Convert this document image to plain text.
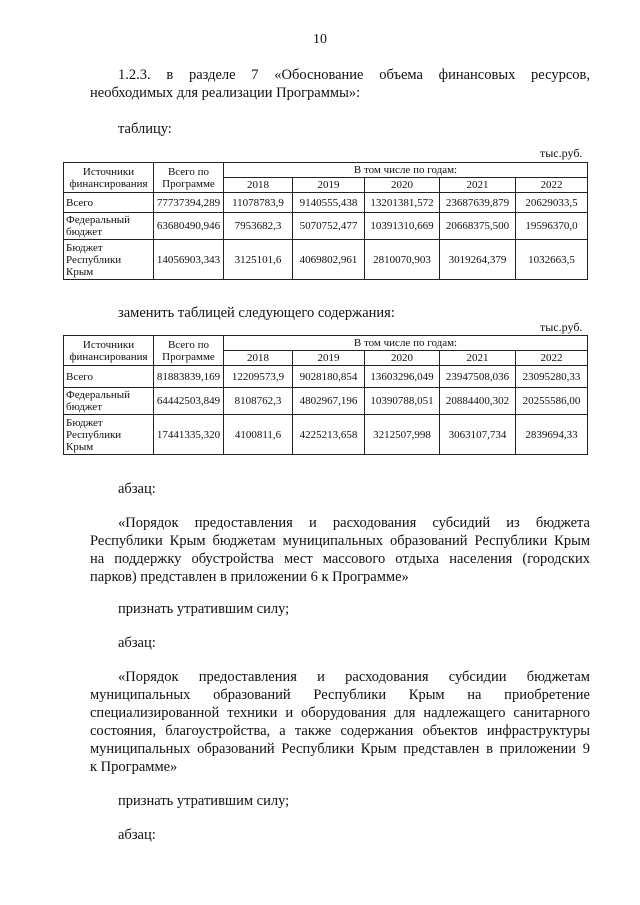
10
1.2.3. в разделе 7 «Обоснование объема финансовых ресурсов,
необходимых для реализации Программы»:
таблицу:
тыс.руб.
Источники финансирования	Всего по Программе	В том числе по годам:				
		2018	2019	2020	2021	2022
Всего	77737394,289	11078783,9	9140555,438	13201381,572	23687639,879	20629033,5
Федеральный бюджет	63680490,946	7953682,3	5070752,477	10391310,669	20668375,500	19596370,0
Бюджет Республики Крым	14056903,343	3125101,6	4069802,961	2810070,903	3019264,379	1032663,5
заменить таблицей следующего содержания:
тыс.руб.
Источники финансирования	Всего по Программе	В том числе по годам:				
		2018	2019	2020	2021	2022
Всего	81883839,169	12209573,9	9028180,854	13603296,049	23947508,036	23095280,33
Федеральный бюджет	64442503,849	8108762,3	4802967,196	10390788,051	20884400,302	20255586,00
Бюджет Республики Крым	17441335,320	4100811,6	4225213,658	3212507,998	3063107,734	2839694,33
абзац:
«Порядок предоставления и расходования субсидий из бюджета
Республики Крым бюджетам муниципальных образований Республики Крым
на поддержку обустройства мест массового отдыха населения (городских
парков) представлен в приложении 6 к Программе»
признать утратившим силу;
абзац:
«Порядок предоставления и расходования субсидии бюджетам
муниципальных образований Республики Крым на приобретение
специализированной техники и оборудования для надлежащего санитарного
состояния, благоустройства, а также содержания объектов инфраструктуры
муниципальных образований Республики Крым представлен в приложении 9
к Программе»
признать утратившим силу;
абзац:
